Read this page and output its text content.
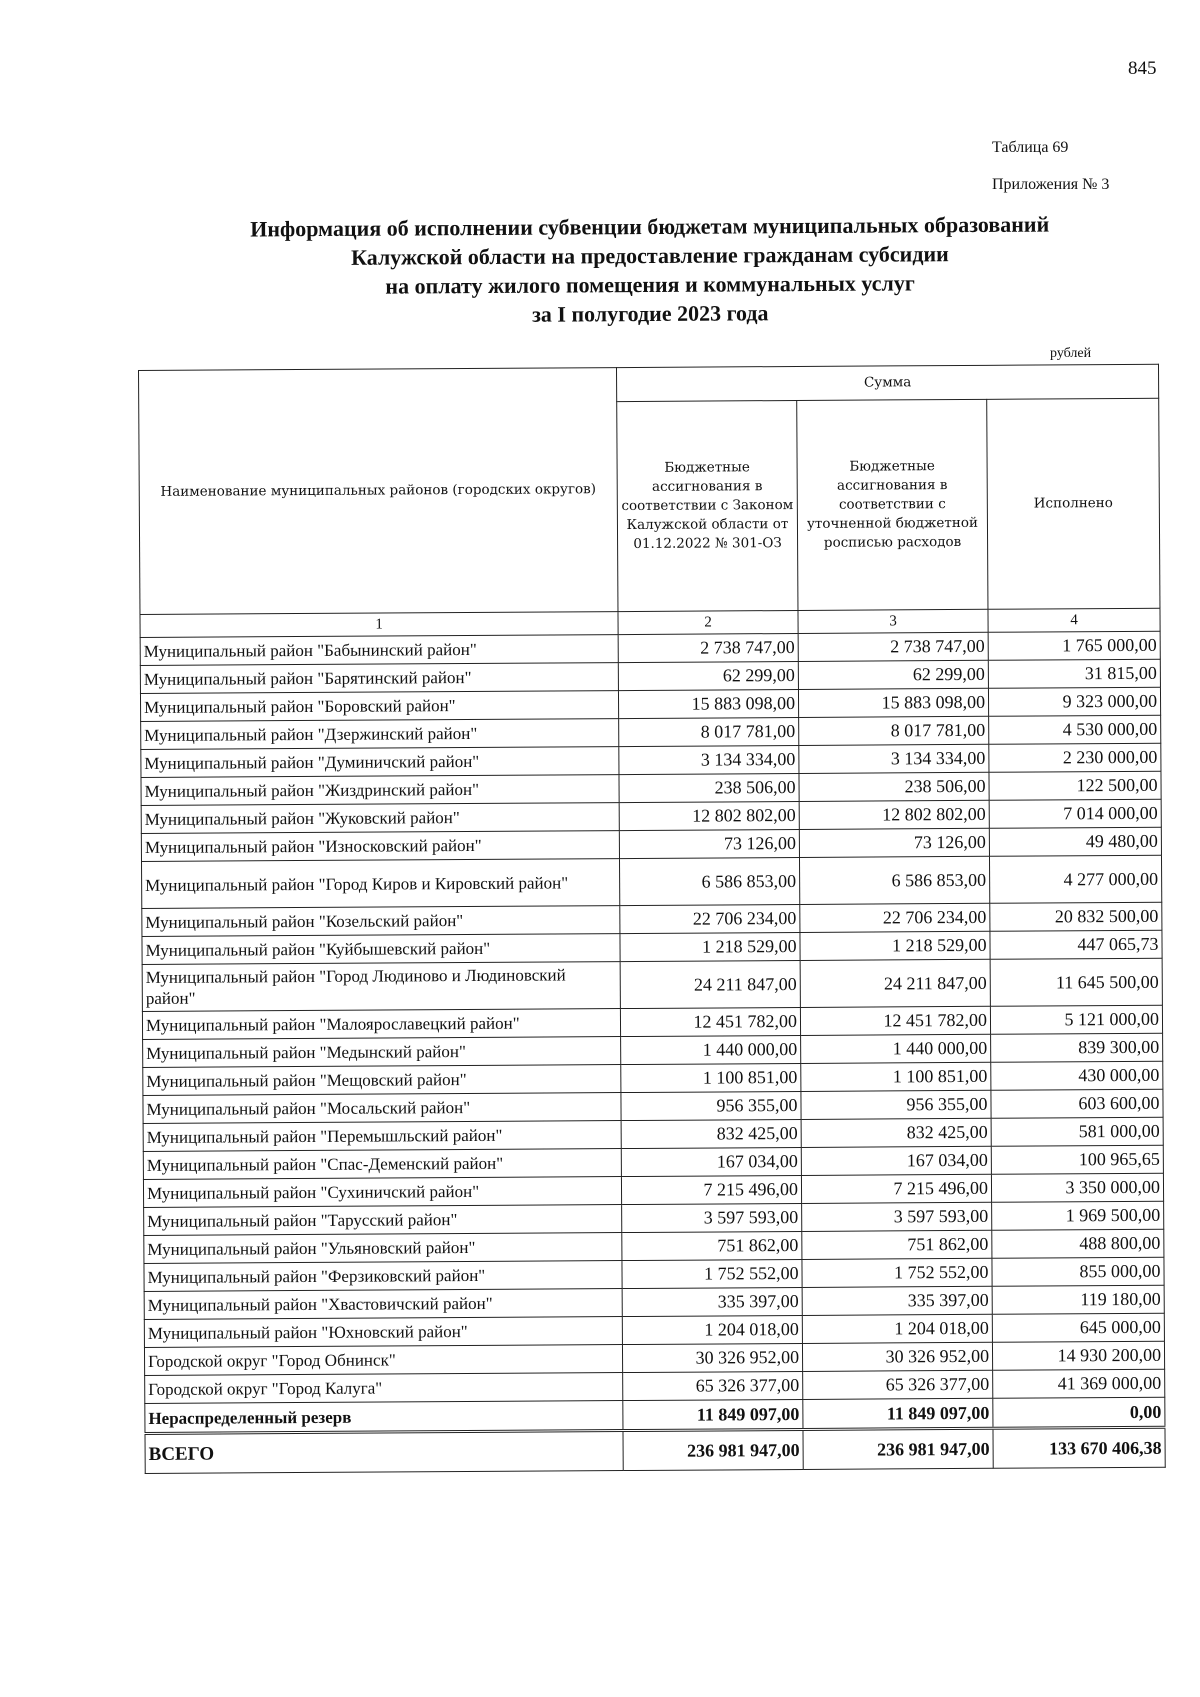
845
Таблица 69
Приложения № 3
Информация об исполнении субвенции бюджетам муниципальных образований
Калужской области на предоставление гражданам субсидии
на оплату жилого помещения и коммунальных услуг
за I полугодие 2023 года
рублей
Наименование муниципальных районов (городских округов)	Сумма		
	Бюджетные ассигнования в соответствии с Законом Калужской области от 01.12.2022 № 301-ОЗ	Бюджетные ассигнования в соответствии с уточненной бюджетной росписью расходов	Исполнено
1	2	3	4
Муниципальный район "Бабынинский район"	2 738 747,00	2 738 747,00	1 765 000,00
Муниципальный район "Барятинский район"	62 299,00	62 299,00	31 815,00
Муниципальный район "Боровский район"	15 883 098,00	15 883 098,00	9 323 000,00
Муниципальный район "Дзержинский район"	8 017 781,00	8 017 781,00	4 530 000,00
Муниципальный район "Думиничский район"	3 134 334,00	3 134 334,00	2 230 000,00
Муниципальный район "Жиздринский район"	238 506,00	238 506,00	122 500,00
Муниципальный район "Жуковский район"	12 802 802,00	12 802 802,00	7 014 000,00
Муниципальный район "Износковский район"	73 126,00	73 126,00	49 480,00
Муниципальный район "Город Киров и Кировский район"	6 586 853,00	6 586 853,00	4 277 000,00
Муниципальный район "Козельский район"	22 706 234,00	22 706 234,00	20 832 500,00
Муниципальный район "Куйбышевский район"	1 218 529,00	1 218 529,00	447 065,73
Муниципальный район "Город Людиново и Людиновский район"	24 211 847,00	24 211 847,00	11 645 500,00
Муниципальный район "Малоярославецкий район"	12 451 782,00	12 451 782,00	5 121 000,00
Муниципальный район "Медынский район"	1 440 000,00	1 440 000,00	839 300,00
Муниципальный район "Мещовский район"	1 100 851,00	1 100 851,00	430 000,00
Муниципальный район "Мосальский район"	956 355,00	956 355,00	603 600,00
Муниципальный район "Перемышльский район"	832 425,00	832 425,00	581 000,00
Муниципальный район "Спас-Деменский район"	167 034,00	167 034,00	100 965,65
Муниципальный район "Сухиничский район"	7 215 496,00	7 215 496,00	3 350 000,00
Муниципальный район "Тарусский район"	3 597 593,00	3 597 593,00	1 969 500,00
Муниципальный район "Ульяновский район"	751 862,00	751 862,00	488 800,00
Муниципальный район "Ферзиковский район"	1 752 552,00	1 752 552,00	855 000,00
Муниципальный район "Хвастовичский район"	335 397,00	335 397,00	119 180,00
Муниципальный район "Юхновский район"	1 204 018,00	1 204 018,00	645 000,00
Городской округ "Город Обнинск"	30 326 952,00	30 326 952,00	14 930 200,00
Городской округ "Город Калуга"	65 326 377,00	65 326 377,00	41 369 000,00
Нераспределенный резерв	11 849 097,00	11 849 097,00	0,00
ВСЕГО	236 981 947,00	236 981 947,00	133 670 406,38
